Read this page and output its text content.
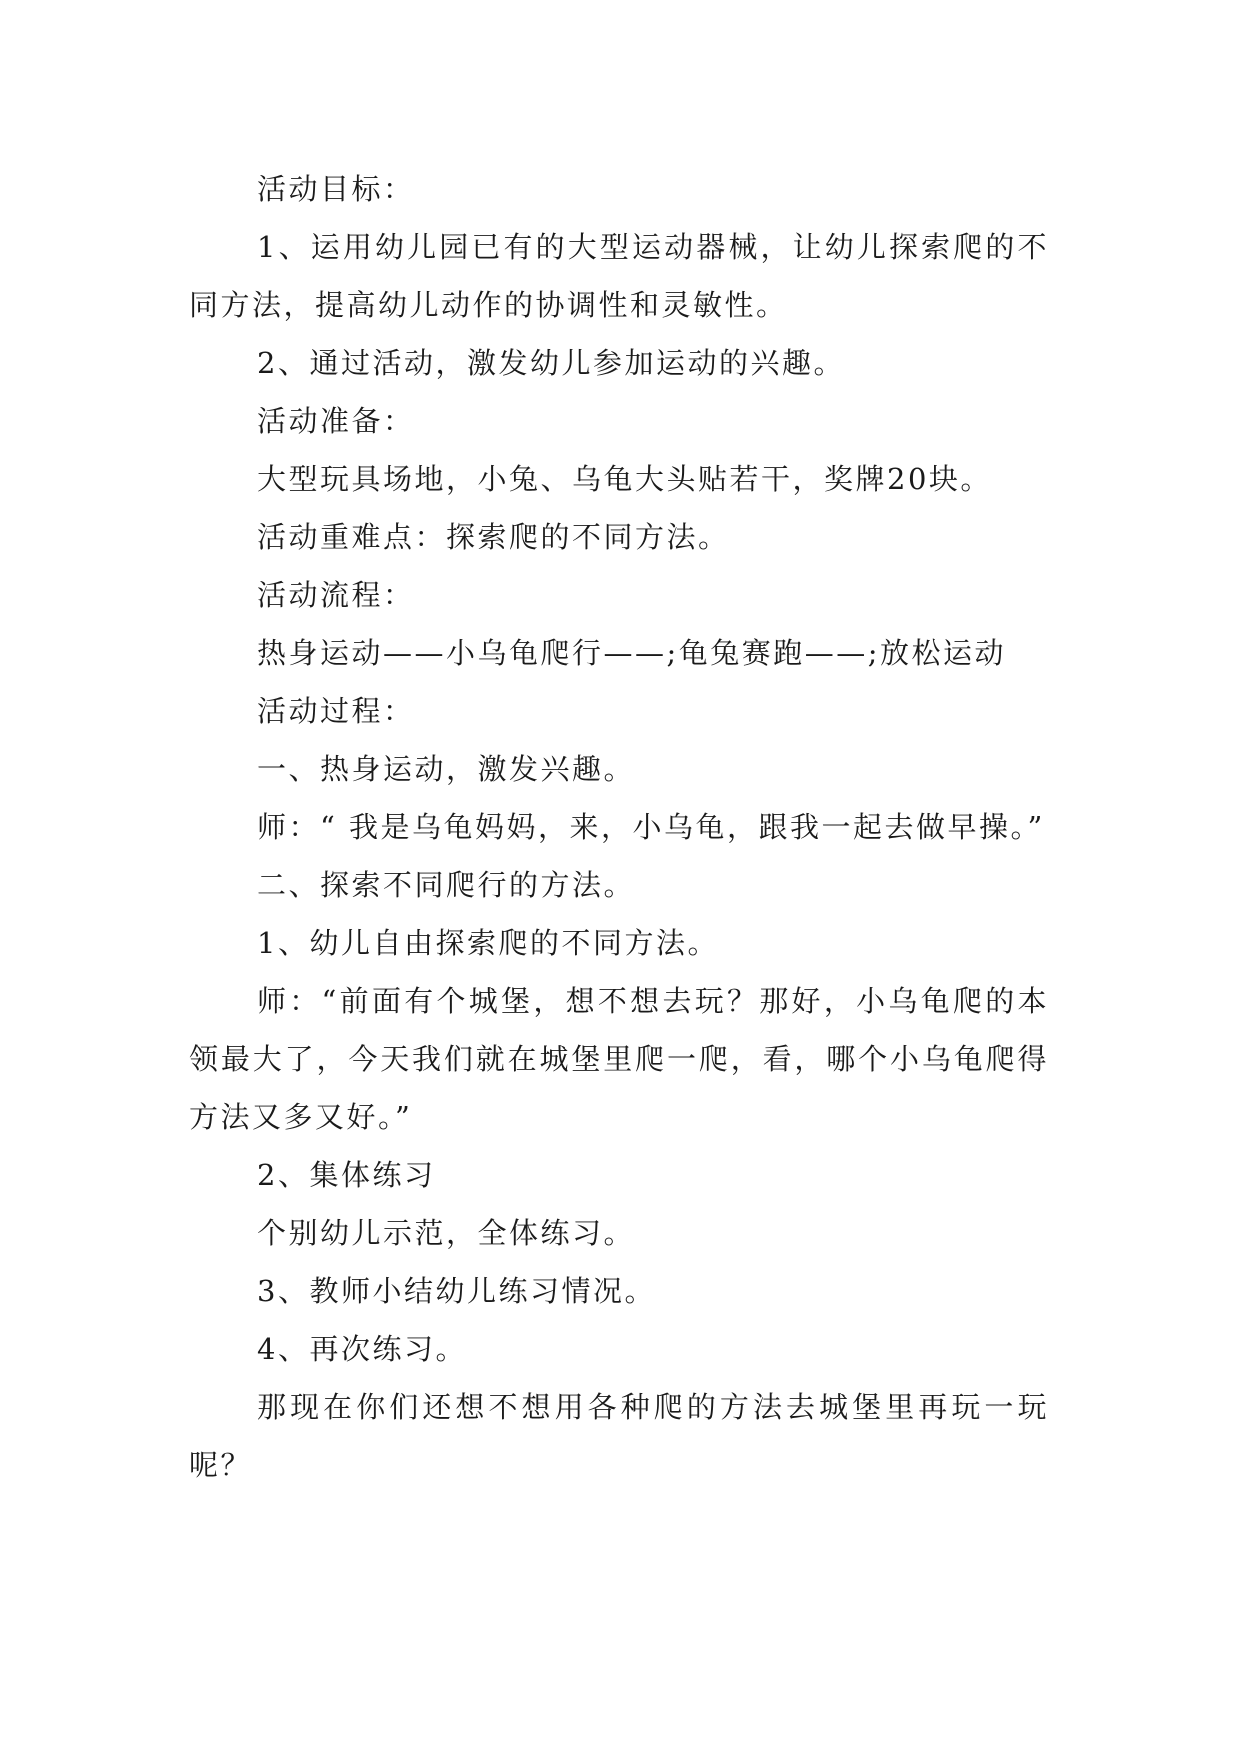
活动目标：

1、运用幼儿园已有的大型运动器械，让幼儿探索爬的不同方法，提高幼儿动作的协调性和灵敏性。

2、通过活动，激发幼儿参加运动的兴趣。

活动准备：

大型玩具场地，小兔、乌龟大头贴若干，奖牌20块。

活动重难点：探索爬的不同方法。

活动流程：

热身运动——小乌龟爬行——;龟兔赛跑——;放松运动

活动过程：

一、热身运动，激发兴趣。

师：“ 我是乌龟妈妈，来，小乌龟，跟我一起去做早操。”

二、探索不同爬行的方法。

1、幼儿自由探索爬的不同方法。

师：“前面有个城堡，想不想去玩？那好，小乌龟爬的本领最大了，今天我们就在城堡里爬一爬，看，哪个小乌龟爬得方法又多又好。”

2、集体练习

个别幼儿示范，全体练习。

3、教师小结幼儿练习情况。

4、再次练习。

那现在你们还想不想用各种爬的方法去城堡里再玩一玩呢？
